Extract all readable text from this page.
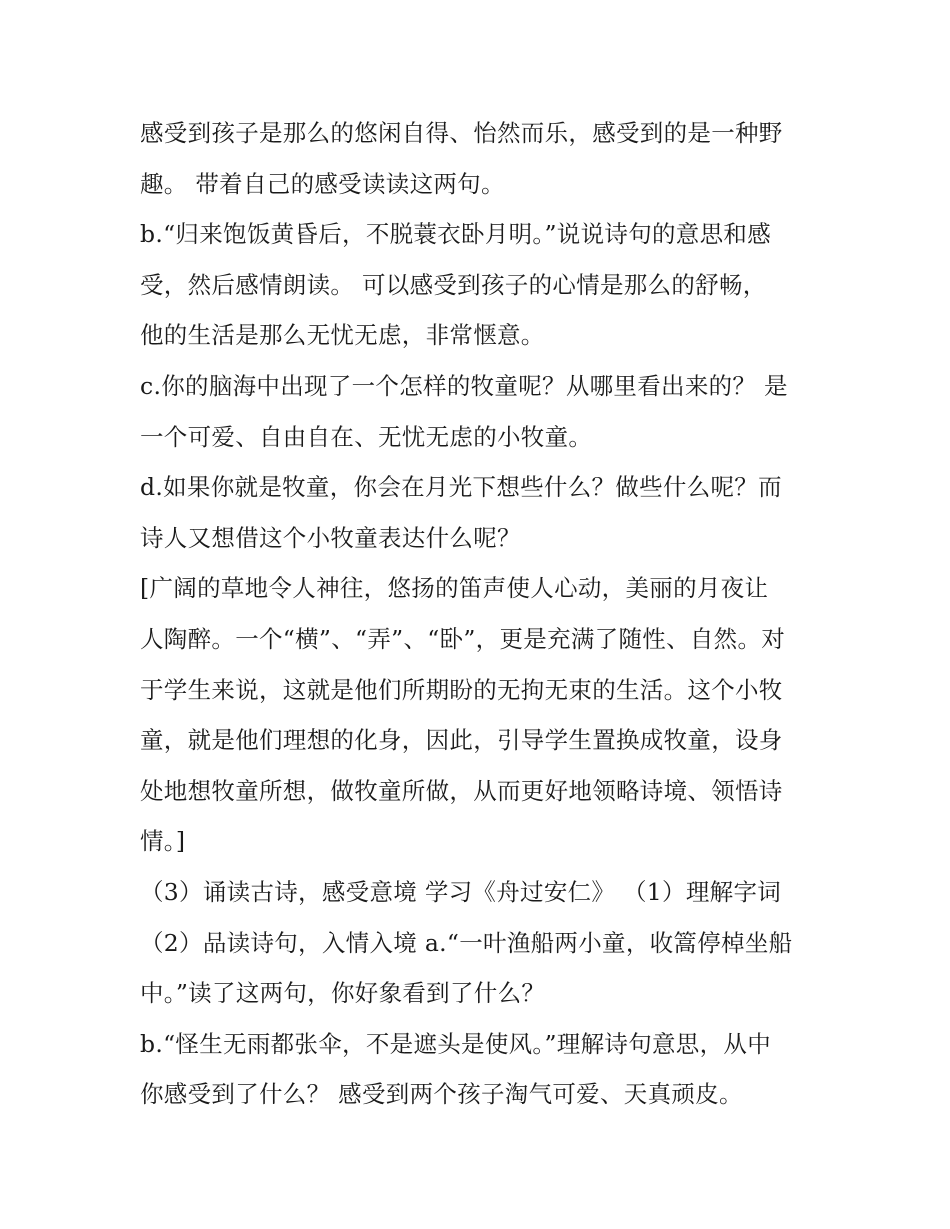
感受到孩子是那么的悠闲自得、怡然而乐，感受到的是一种野
趣。 带着自己的感受读读这两句。
b.“归来饱饭黄昏后，不脱蓑衣卧月明。”说说诗句的意思和感
受，然后感情朗读。 可以感受到孩子的心情是那么的舒畅，
他的生活是那么无忧无虑，非常惬意。
c.你的脑海中出现了一个怎样的牧童呢？从哪里看出来的？ 是
一个可爱、自由自在、无忧无虑的小牧童。
d.如果你就是牧童，你会在月光下想些什么？做些什么呢？而
诗人又想借这个小牧童表达什么呢？
[广阔的草地令人神往，悠扬的笛声使人心动，美丽的月夜让
人陶醉。一个“横”、“弄”、“卧”，更是充满了随性、自然。对
于学生来说，这就是他们所期盼的无拘无束的生活。这个小牧
童，就是他们理想的化身，因此，引导学生置换成牧童，设身
处地想牧童所想，做牧童所做，从而更好地领略诗境、领悟诗
情。]
（3）诵读古诗，感受意境 学习《舟过安仁》 （1）理解字词
（2）品读诗句，入情入境 a.“一叶渔船两小童，收篙停棹坐船
中。”读了这两句，你好象看到了什么？
b.“怪生无雨都张伞，不是遮头是使风。”理解诗句意思，从中
你感受到了什么？ 感受到两个孩子淘气可爱、天真顽皮。
